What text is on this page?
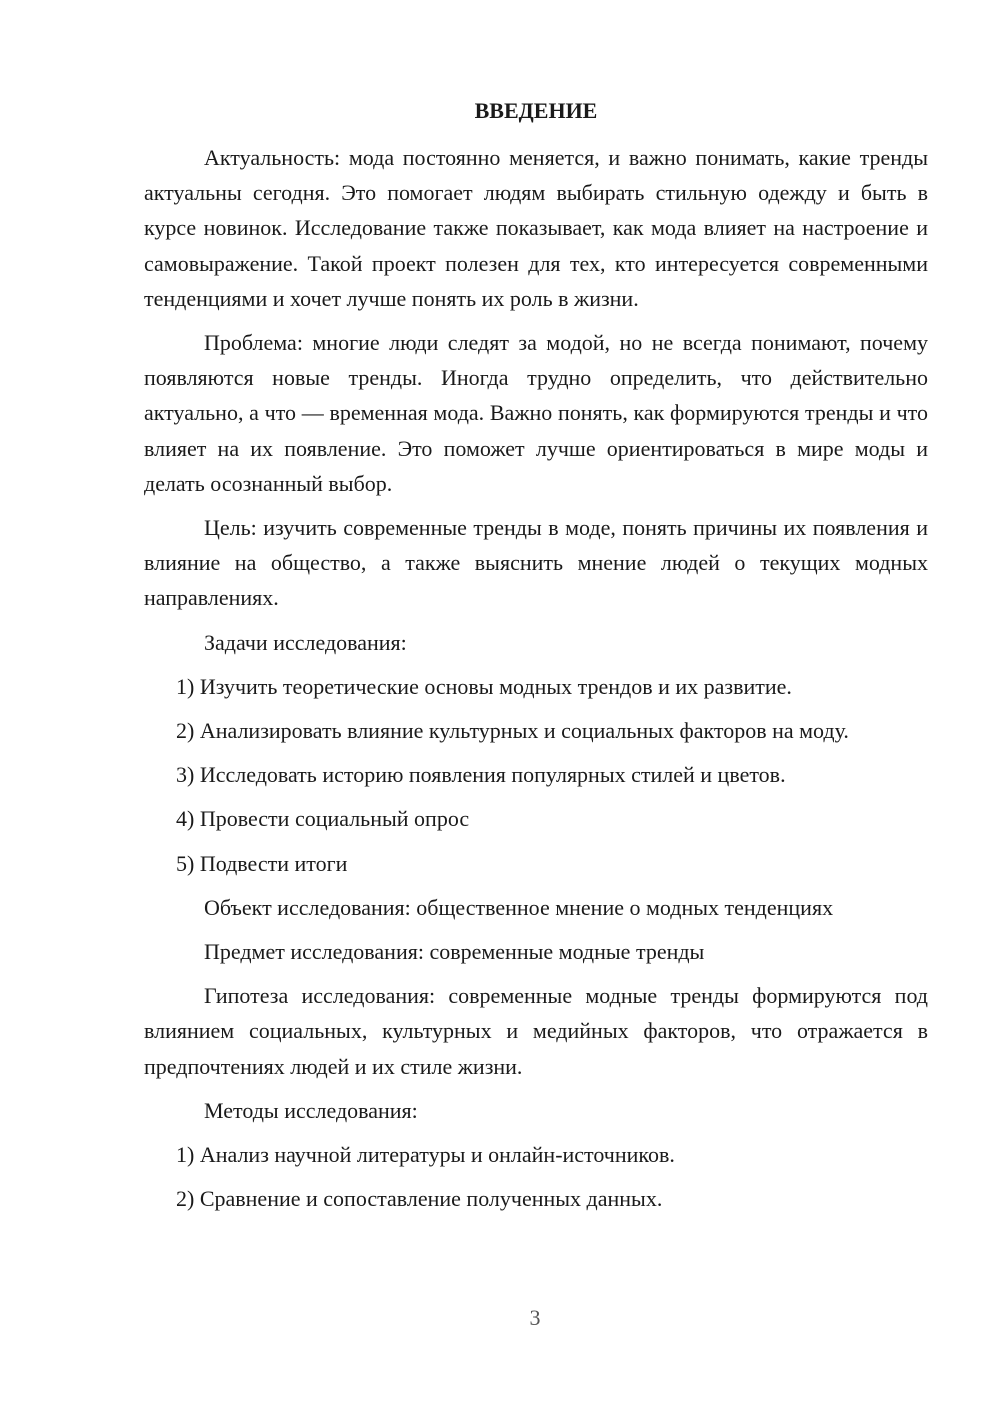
ВВЕДЕНИЕ

Актуальность: мода постоянно меняется, и важно понимать, какие тренды актуальны сегодня. Это помогает людям выбирать стильную одежду и быть в курсе новинок. Исследование также показывает, как мода влияет на настроение и самовыражение. Такой проект полезен для тех, кто интересуется современными тенденциями и хочет лучше понять их роль в жизни.

Проблема: многие люди следят за модой, но не всегда понимают, почему появляются новые тренды. Иногда трудно определить, что действительно актуально, а что — временная мода. Важно понять, как формируются тренды и что влияет на их появление. Это поможет лучше ориентироваться в мире моды и делать осознанный выбор.

Цель: изучить современные тренды в моде, понять причины их появления и влияние на общество, а также выяснить мнение людей о текущих модных направлениях.

Задачи исследования:

1) Изучить теоретические основы модных трендов и их развитие.

2) Анализировать влияние культурных и социальных факторов на моду.

3) Исследовать историю появления популярных стилей и цветов.

4) Провести социальный опрос

5) Подвести итоги

Объект исследования: общественное мнение о модных тенденциях

Предмет исследования: современные модные тренды

Гипотеза исследования: современные модные тренды формируются под влиянием социальных, культурных и медийных факторов, что отражается в предпочтениях людей и их стиле жизни.

Методы исследования:

1) Анализ научной литературы и онлайн-источников.

2) Сравнение и сопоставление полученных данных.

3
